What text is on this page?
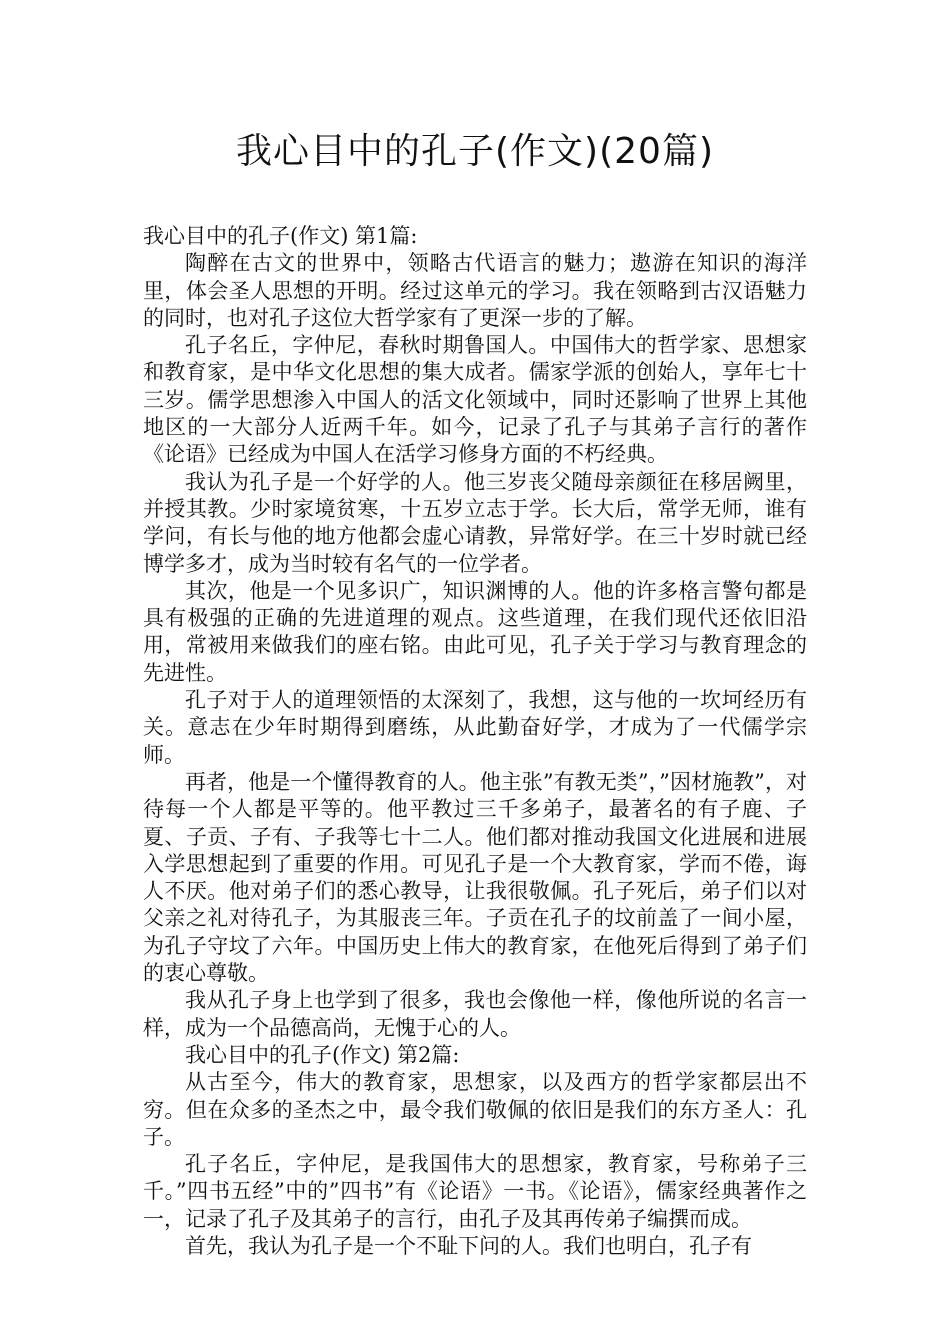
我心目中的孔子(作文)(20篇)

我心目中的孔子(作文) 第1篇:

陶醉在古文的世界中，领略古代语言的魅力；遨游在知识的海洋里，体会圣人思想的开明。经过这单元的学习。我在领略到古汉语魅力的同时，也对孔子这位大哲学家有了更深一步的了解。

孔子名丘，字仲尼，春秋时期鲁国人。中国伟大的哲学家、思想家和教育家，是中华文化思想的集大成者。儒家学派的创始人，享年七十三岁。儒学思想渗入中国人的活文化领域中，同时还影响了世界上其他地区的一大部分人近两千年。如今，记录了孔子与其弟子言行的著作《论语》已经成为中国人在活学习修身方面的不朽经典。

我认为孔子是一个好学的人。他三岁丧父随母亲颜征在移居阙里，并授其教。少时家境贫寒，十五岁立志于学。长大后，常学无师，谁有学问，有长与他的地方他都会虚心请教，异常好学。在三十岁时就已经博学多才，成为当时较有名气的一位学者。

其次，他是一个见多识广，知识渊博的人。他的许多格言警句都是具有极强的正确的先进道理的观点。这些道理，在我们现代还依旧沿用，常被用来做我们的座右铭。由此可见，孔子关于学习与教育理念的先进性。

孔子对于人的道理领悟的太深刻了，我想，这与他的一坎坷经历有关。意志在少年时期得到磨练，从此勤奋好学，才成为了一代儒学宗师。

再者，他是一个懂得教育的人。他主张”有教无类”，”因材施教”，对待每一个人都是平等的。他平教过三千多弟子，最著名的有子鹿、子夏、子贡、子有、子我等七十二人。他们都对推动我国文化进展和进展入学思想起到了重要的作用。可见孔子是一个大教育家，学而不倦，诲人不厌。他对弟子们的悉心教导，让我很敬佩。孔子死后，弟子们以对父亲之礼对待孔子，为其服丧三年。子贡在孔子的坟前盖了一间小屋，为孔子守坟了六年。中国历史上伟大的教育家，在他死后得到了弟子们的衷心尊敬。

我从孔子身上也学到了很多，我也会像他一样，像他所说的名言一样，成为一个品德高尚，无愧于心的人。

我心目中的孔子(作文) 第2篇:

从古至今，伟大的教育家，思想家，以及西方的哲学家都层出不穷。但在众多的圣杰之中，最令我们敬佩的依旧是我们的东方圣人：孔子。

孔子名丘，字仲尼，是我国伟大的思想家，教育家，号称弟子三千。”四书五经”中的”四书”有《论语》一书。《论语》，儒家经典著作之一，记录了孔子及其弟子的言行，由孔子及其再传弟子编撰而成。

首先，我认为孔子是一个不耻下问的人。我们也明白，孔子有
